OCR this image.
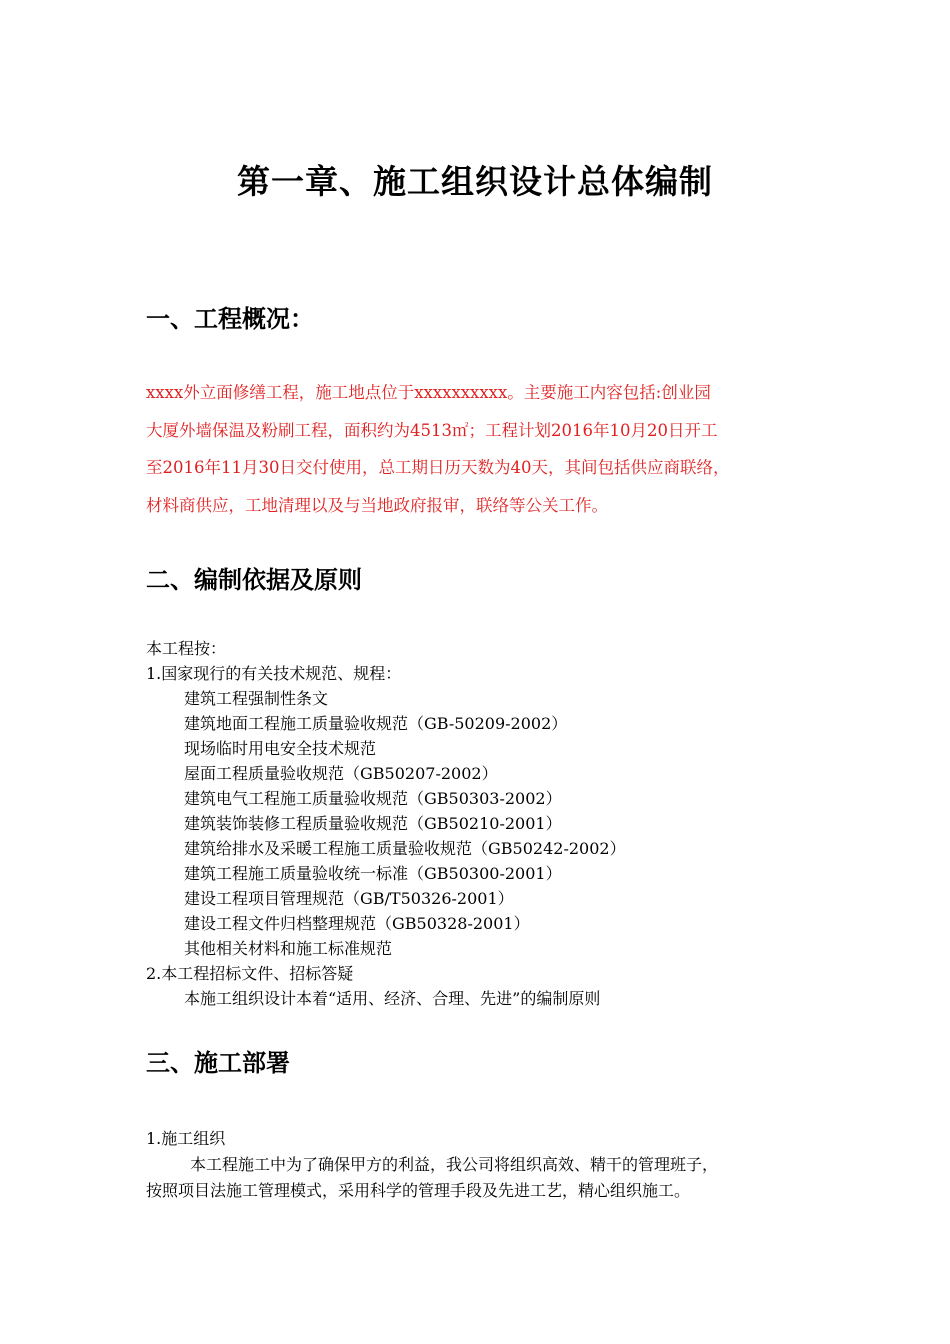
第一章、施工组织设计总体编制
一、工程概况：
xxxx外立面修缮工程，施工地点位于xxxxxxxxxx。主要施工内容包括:创业园
大厦外墙保温及粉刷工程，面积约为4513㎡；工程计划2016年10月20日开工
至2016年11月30日交付使用，总工期日历天数为40天，其间包括供应商联络，
材料商供应，工地清理以及与当地政府报审，联络等公关工作。
二、编制依据及原则
本工程按：
1.国家现行的有关技术规范、规程：
建筑工程强制性条文
建筑地面工程施工质量验收规范（GB-50209-2002）
现场临时用电安全技术规范
屋面工程质量验收规范（GB50207-2002）
建筑电气工程施工质量验收规范（GB50303-2002）
建筑装饰装修工程质量验收规范（GB50210-2001）
建筑给排水及采暖工程施工质量验收规范（GB50242-2002）
建筑工程施工质量验收统一标准（GB50300-2001）
建设工程项目管理规范（GB/T50326-2001）
建设工程文件归档整理规范（GB50328-2001）
其他相关材料和施工标准规范
2.本工程招标文件、招标答疑
本施工组织设计本着“适用、经济、合理、先进”的编制原则
三、施工部署
1.施工组织
本工程施工中为了确保甲方的利益，我公司将组织高效、精干的管理班子，
按照项目法施工管理模式，采用科学的管理手段及先进工艺，精心组织施工。
